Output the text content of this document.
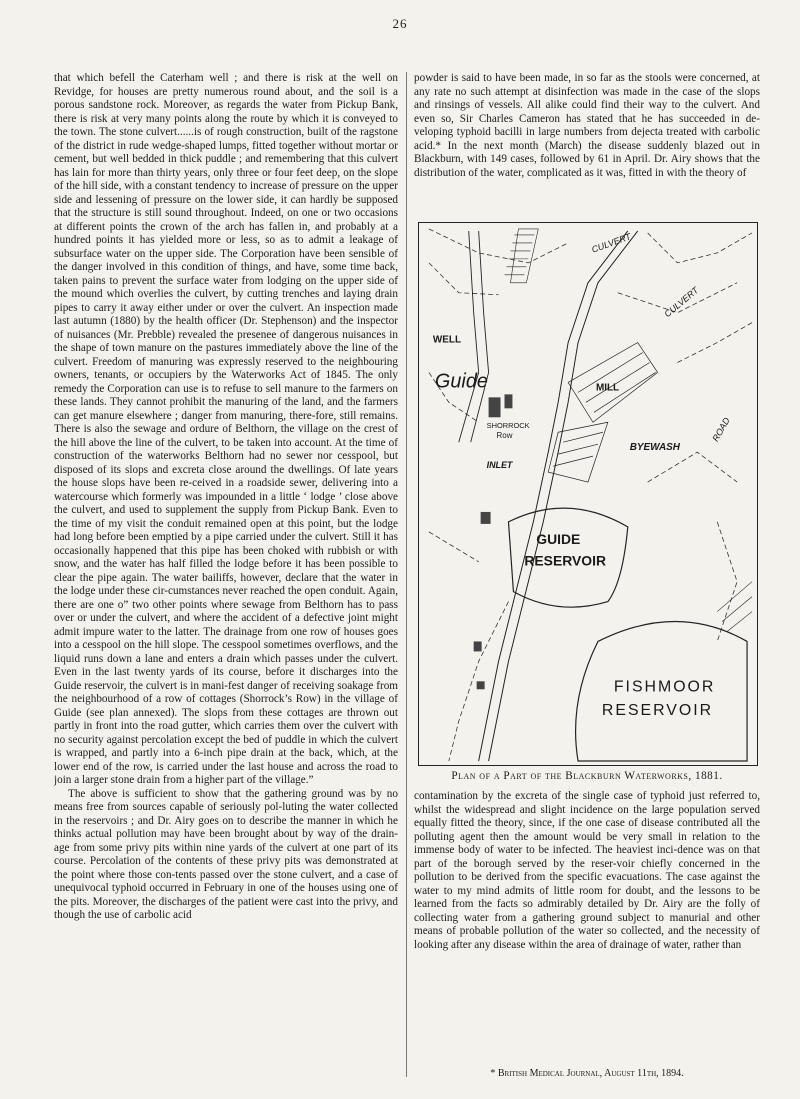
26

that which befell the Caterham well ; and there is risk at the well on Revidge, for houses are pretty numerous round about, and the soil is a porous sandstone rock. Moreover, as regards the water from Pickup Bank, there is risk at very many points along the route by which it is conveyed to the town. The stone culvert......is of rough construction, built of the ragstone of the district in rude wedge-shaped lumps, fitted together without mortar or cement, but well bedded in thick puddle ; and remembering that this culvert has lain for more than thirty years, only three or four feet deep, on the slope of the hill side, with a constant tendency to increase of pressure on the upper side and lessening of pressure on the lower side, it can hardly be supposed that the structure is still sound throughout. Indeed, on one or two occasions at different points the crown of the arch has fallen in, and probably at a hundred points it has yielded more or less, so as to admit a leakage of subsurface water on the upper side. The Corporation have been sensible of the danger involved in this condition of things, and have, some time back, taken pains to prevent the surface water from lodging on the upper side of the mound which overlies the culvert, by cutting trenches and laying drain pipes to carry it away either under or over the culvert. An inspection made last autumn (1880) by the health officer (Dr. Stephenson) and the inspector of nuisances (Mr. Prebble) revealed the presenee of dangerous nuisances in the shape of town manure on the pastures immediately above the line of the culvert. Freedom of manuring was expressly reserved to the neighbouring owners, tenants, or occupiers by the Waterworks Act of 1845. The only remedy the Corporation can use is to refuse to sell manure to the farmers on these lands. They cannot prohibit the manuring of the land, and the farmers can get manure elsewhere ; danger from manuring, there-fore, still remains. There is also the sewage and ordure of Belthorn, the village on the crest of the hill above the line of the culvert, to be taken into account. At the time of construction of the waterworks Belthorn had no sewer nor cesspool, but disposed of its slops and excreta close around the dwellings. Of late years the house slops have been re-ceived in a roadside sewer, delivering into a watercourse which formerly was impounded in a little ‘ lodge ’ close above the culvert, and used to supplement the supply from Pickup Bank. Even to the time of my visit the conduit remained open at this point, but the lodge had long before been emptied by a pipe carried under the culvert. Still it has occasionally happened that this pipe has been choked with rubbish or with snow, and the water has half filled the lodge before it has been possible to clear the pipe again. The water bailiffs, however, declare that the water in the lodge under these cir-cumstances never reached the open conduit. Again, there are one o” two other points where sewage from Belthorn has to pass over or under the culvert, and where the accident of a defective joint might admit impure water to the latter. The drainage from one row of houses goes into a cesspool on the hill slope. The cesspool sometimes overflows, and the liquid runs down a lane and enters a drain which passes under the culvert. Even in the last twenty yards of its course, before it discharges into the Guide reservoir, the culvert is in mani-fest danger of receiving soakage from the neighbourhood of a row of cottages (Shorrock’s Row) in the village of Guide (see plan annexed). The slops from these cottages are thrown out partly in front into the road gutter, which carries them over the culvert with no security against percolation except the bed of puddle in which the culvert is wrapped, and partly into a 6-inch pipe drain at the back, which, at the lower end of the row, is carried under the last house and across the road to join a larger stone drain from a higher part of the village.”

The above is sufficient to show that the gathering ground was by no means free from sources capable of seriously pol-luting the water collected in the reservoirs ; and Dr. Airy goes on to describe the manner in which he thinks actual pollution may have been brought about by way of the drain-age from some privy pits within nine yards of the culvert at one part of its course. Percolation of the contents of these privy pits was demonstrated at the point where those con-tents passed over the stone culvert, and a case of unequivocal typhoid occurred in February in one of the houses using one of the pits. Moreover, the discharges of the patient were cast into the privy, and though the use of carbolic acid

powder is said to have been made, in so far as the stools were concerned, at any rate no such attempt at disinfection was made in the case of the slops and rinsings of vessels. All alike could find their way to the culvert. And even so, Sir Charles Cameron has stated that he has succeeded in de-veloping typhoid bacilli in large numbers from dejecta treated with carbolic acid.* In the next month (March) the disease suddenly blazed out in Blackburn, with 149 cases, followed by 61 in April. Dr. Airy shows that the distribution of the water, complicated as it was, fitted in with the theory of

CULVERT
CULVERT
ROAD
WELL
Guide
SHORROCK
Row
INLET
MILL
BYEWASH
GUIDE
RESERVOIR
FISHMOOR
RESERVOIR
Plan of a Part of the Blackburn Waterworks, 1881.

contamination by the excreta of the single case of typhoid just referred to, whilst the widespread and slight incidence on the large population served equally fitted the theory, since, if the one case of disease contributed all the polluting agent then the amount would be very small in relation to the immense body of water to be infected. The heaviest inci-dence was on that part of the borough served by the reser-voir chiefly concerned in the pollution to be derived from the specific evacuations. The case against the water to my mind admits of little room for doubt, and the lessons to be learned from the facts so admirably detailed by Dr. Airy are the folly of collecting water from a gathering ground subject to manurial and other means of probable pollution of the water so collected, and the necessity of looking after any disease within the area of drainage of water, rather than

* British Medical Journal, August 11th, 1894.
